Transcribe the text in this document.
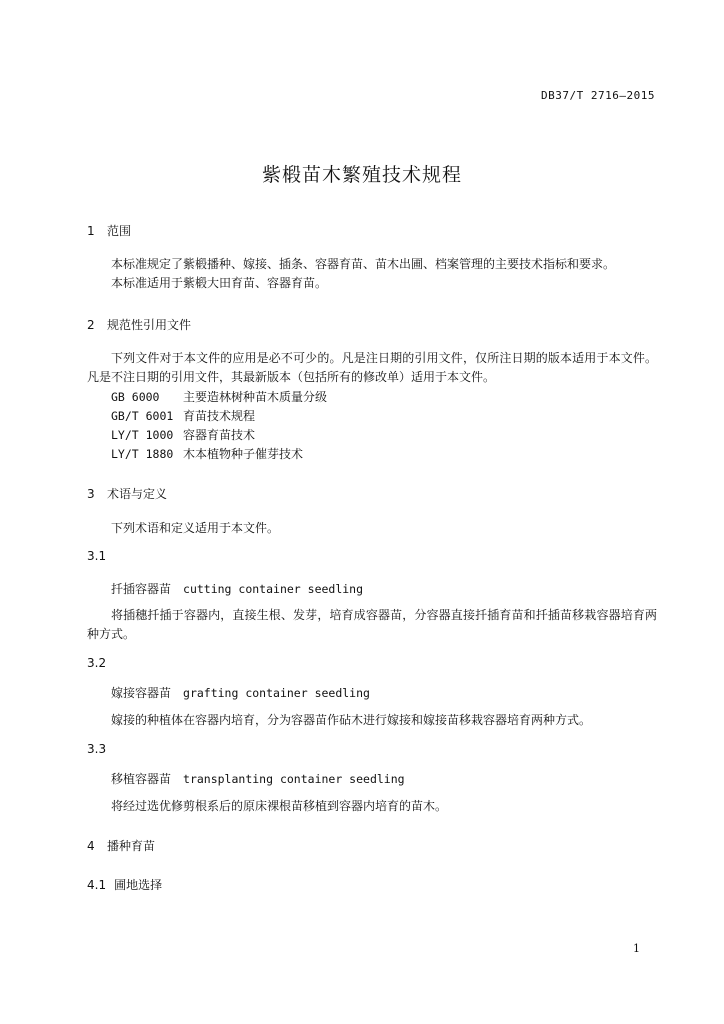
DB37/T 2716—2015
紫椴苗木繁殖技术规程
1 范围
本标准规定了紫椴播种、嫁接、插条、容器育苗、苗木出圃、档案管理的主要技术指标和要求。
本标准适用于紫椴大田育苗、容器育苗。
2 规范性引用文件
下列文件对于本文件的应用是必不可少的。凡是注日期的引用文件，仅所注日期的版本适用于本文件。凡是不注日期的引用文件，其最新版本（包括所有的修改单）适用于本文件。
GB 6000 主要造林树种苗木质量分级
GB/T 6001 育苗技术规程
LY/T 1000 容器育苗技术
LY/T 1880 木本植物种子催芽技术
3 术语与定义
下列术语和定义适用于本文件。
3.1
扦插容器苗 cutting container seedling
将插穗扦插于容器内，直接生根、发芽，培育成容器苗，分容器直接扦插育苗和扦插苗移栽容器培育两种方式。
3.2
嫁接容器苗 grafting container seedling
嫁接的种植体在容器内培育，分为容器苗作砧木进行嫁接和嫁接苗移栽容器培育两种方式。
3.3
移植容器苗 transplanting container seedling
将经过选优修剪根系后的原床裸根苗移植到容器内培育的苗木。
4 播种育苗
4.1 圃地选择
1
